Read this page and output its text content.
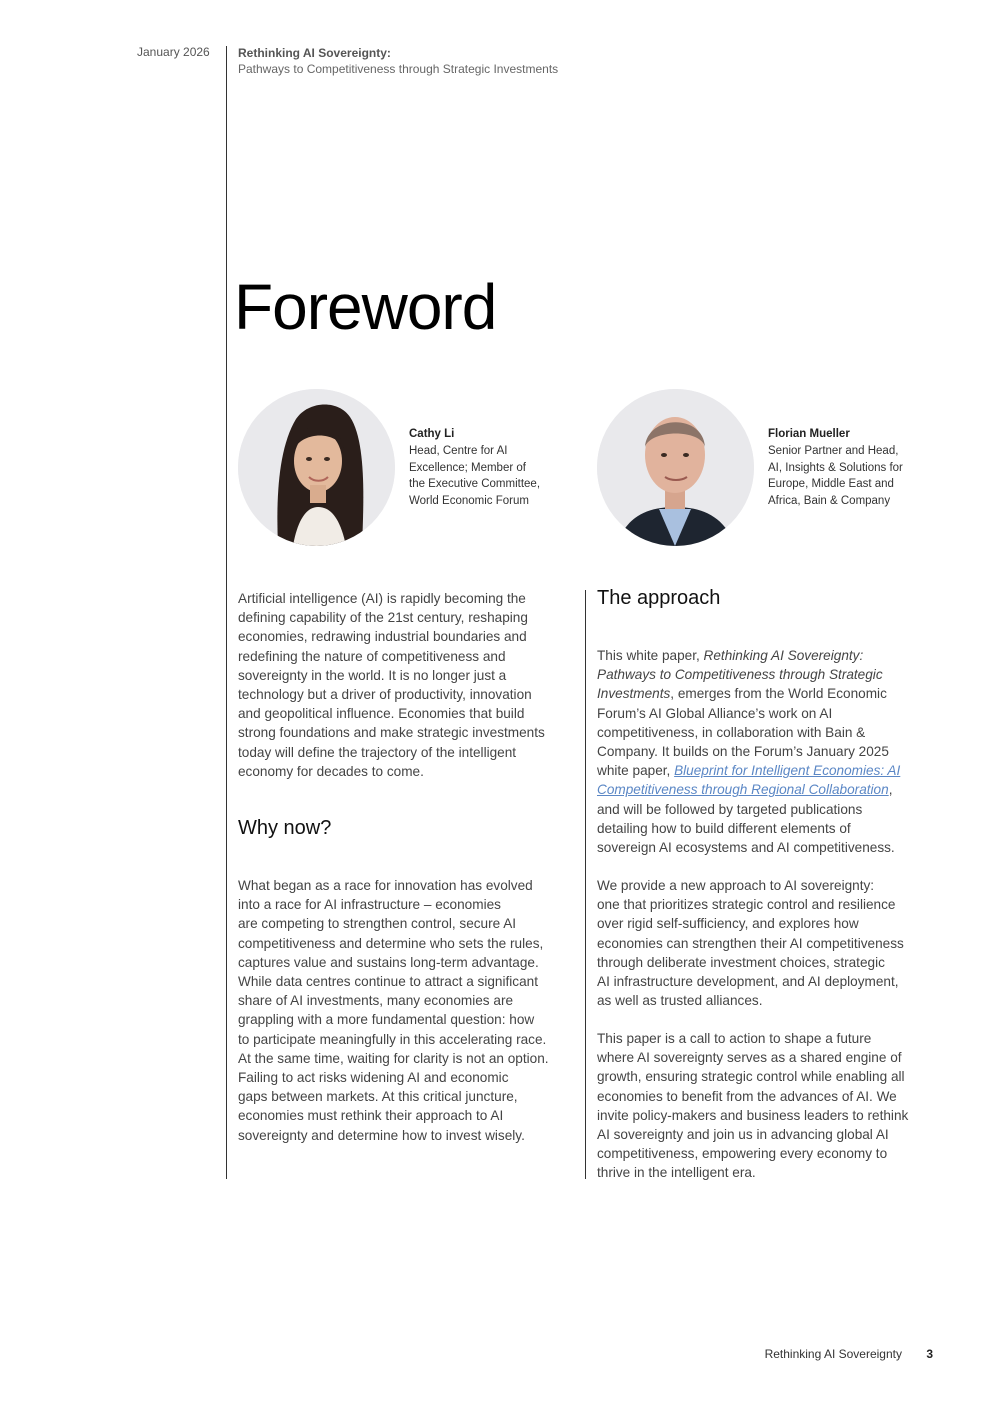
January 2026 Rethinking AI Sovereignty:
Pathways to Competitiveness through Strategic Investments
Foreword
Cathy Li
Head, Centre for AI
Excellence; Member of
the Executive Committee,
World Economic Forum
Florian Mueller
Senior Partner and Head,
AI, Insights & Solutions for
Europe, Middle East and
Africa, Bain & Company
Artificial intelligence (AI) is rapidly becoming the
defining capability of the 21st century, reshaping
economies, redrawing industrial boundaries and
redefining the nature of competitiveness and
sovereignty in the world. It is no longer just a
technology but a driver of productivity, innovation
and geopolitical influence. Economies that build
strong foundations and make strategic investments
today will define the trajectory of the intelligent
economy for decades to come.
Why now?
What began as a race for innovation has evolved
into a race for AI infrastructure – economies
are competing to strengthen control, secure AI
competitiveness and determine who sets the rules,
captures value and sustains long-term advantage.
While data centres continue to attract a significant
share of AI investments, many economies are
grappling with a more fundamental question: how
to participate meaningfully in this accelerating race.
At the same time, waiting for clarity is not an option.
Failing to act risks widening AI and economic
gaps between markets. At this critical juncture,
economies must rethink their approach to AI
sovereignty and determine how to invest wisely.
The approach
This white paper, Rethinking AI Sovereignty:
Pathways to Competitiveness through Strategic
Investments, emerges from the World Economic
Forum’s AI Global Alliance’s work on AI
competitiveness, in collaboration with Bain &
Company. It builds on the Forum’s January 2025
white paper, Blueprint for Intelligent Economies: AI
Competitiveness through Regional Collaboration,
and will be followed by targeted publications
detailing how to build different elements of
sovereign AI ecosystems and AI competitiveness.
We provide a new approach to AI sovereignty:
one that prioritizes strategic control and resilience
over rigid self-sufficiency, and explores how
economies can strengthen their AI competitiveness
through deliberate investment choices, strategic
AI infrastructure development, and AI deployment,
as well as trusted alliances.
This paper is a call to action to shape a future
where AI sovereignty serves as a shared engine of
growth, ensuring strategic control while enabling all
economies to benefit from the advances of AI. We
invite policy-makers and business leaders to rethink
AI sovereignty and join us in advancing global AI
competitiveness, empowering every economy to
thrive in the intelligent era.
Rethinking AI Sovereignty 3
